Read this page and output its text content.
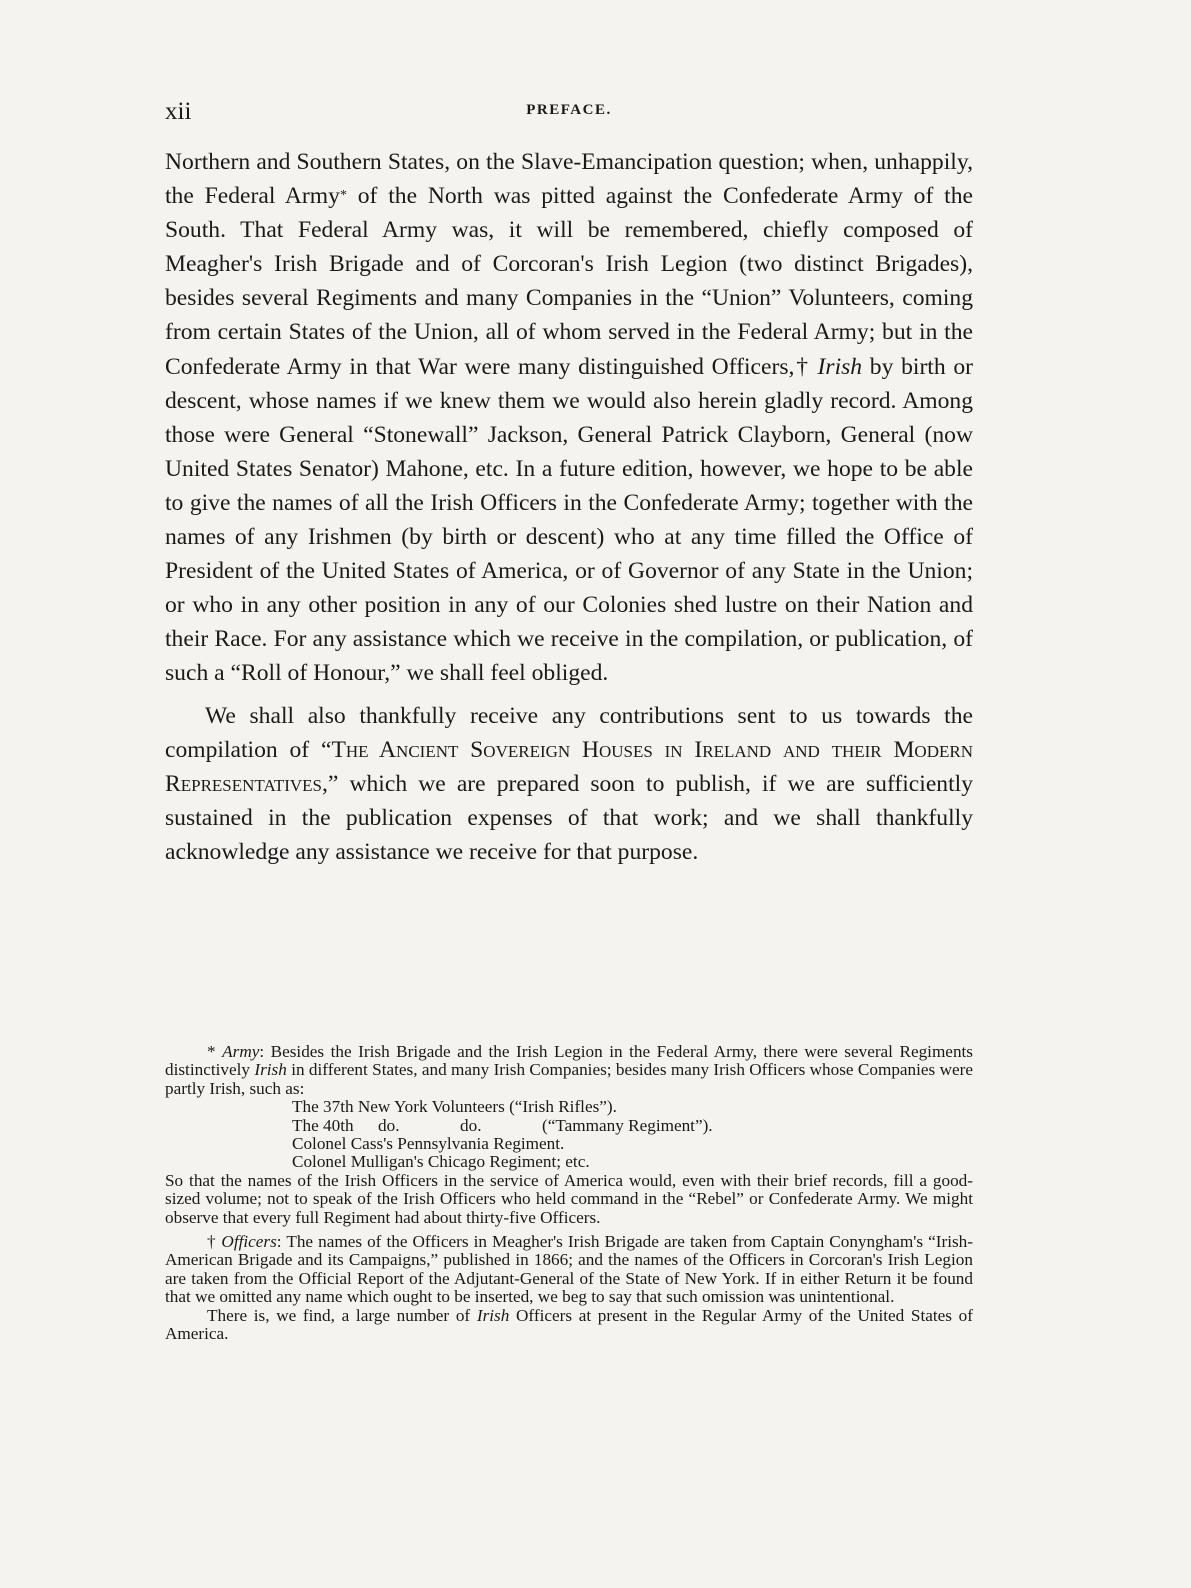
xii	PREFACE.

Northern and Southern States, on the Slave-Emancipation question; when, unhappily, the Federal Army* of the North was pitted against the Confederate Army of the South. That Federal Army was, it will be remembered, chiefly composed of Meagher's Irish Brigade and of Corcoran's Irish Legion (two distinct Brigades), besides several Regiments and many Companies in the “Union” Volunteers, coming from certain States of the Union, all of whom served in the Federal Army; but in the Confederate Army in that War were many distinguished Officers,† Irish by birth or descent, whose names if we knew them we would also herein gladly record. Among those were General “Stonewall” Jackson, General Patrick Clayborn, General (now United States Senator) Mahone, etc. In a future edition, however, we hope to be able to give the names of all the Irish Officers in the Confederate Army; together with the names of any Irishmen (by birth or descent) who at any time filled the Office of President of the United States of America, or of Governor of any State in the Union; or who in any other position in any of our Colonies shed lustre on their Nation and their Race. For any assistance which we receive in the compilation, or publication, of such a “Roll of Honour,” we shall feel obliged.

We shall also thankfully receive any contributions sent to us towards the compilation of “The Ancient Sovereign Houses in Ireland and their Modern Representatives,” which we are prepared soon to publish, if we are sufficiently sustained in the publication expenses of that work; and we shall thankfully acknowledge any assistance we receive for that purpose.

* Army: Besides the Irish Brigade and the Irish Legion in the Federal Army, there were several Regiments distinctively Irish in different States, and many Irish Companies; besides many Irish Officers whose Companies were partly Irish, such as:

The 37th New York Volunteers (“Irish Rifles”).
The 40th do.	do.	(“Tammany Regiment”).
Colonel Cass's Pennsylvania Regiment.
Colonel Mulligan's Chicago Regiment; etc.

So that the names of the Irish Officers in the service of America would, even with their brief records, fill a good-sized volume; not to speak of the Irish Officers who held command in the “Rebel” or Confederate Army. We might observe that every full Regiment had about thirty-five Officers.

† Officers: The names of the Officers in Meagher's Irish Brigade are taken from Captain Conyngham's “Irish-American Brigade and its Campaigns,” published in 1866; and the names of the Officers in Corcoran's Irish Legion are taken from the Official Report of the Adjutant-General of the State of New York. If in either Return it be found that we omitted any name which ought to be inserted, we beg to say that such omission was unintentional.

There is, we find, a large number of Irish Officers at present in the Regular Army of the United States of America.
